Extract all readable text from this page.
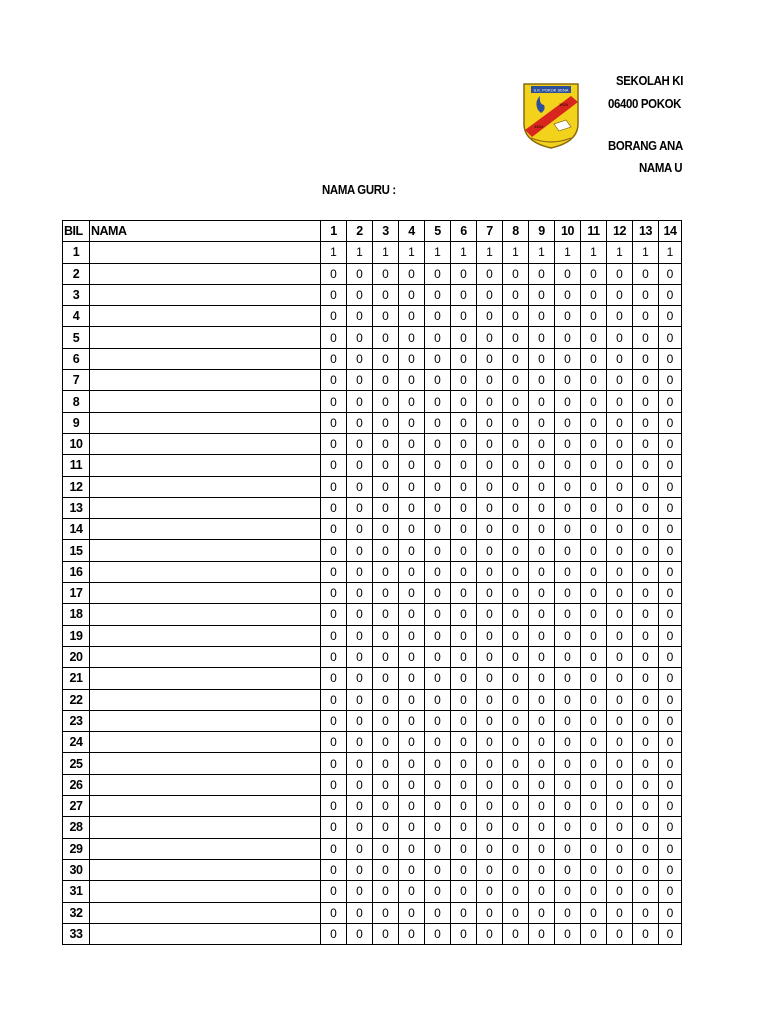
S.K. POKOK SENA
1924
1924
SEKOLAH KI
06400 POKOK
BORANG ANA
NAMA U
NAMA GURU :
BIL	NAMA	1	2	3	4	5	6	7	8	9	10	11	12	13	14
1		1	1	1	1	1	1	1	1	1	1	1	1	1	1
2		0	0	0	0	0	0	0	0	0	0	0	0	0	0
3		0	0	0	0	0	0	0	0	0	0	0	0	0	0
4		0	0	0	0	0	0	0	0	0	0	0	0	0	0
5		0	0	0	0	0	0	0	0	0	0	0	0	0	0
6		0	0	0	0	0	0	0	0	0	0	0	0	0	0
7		0	0	0	0	0	0	0	0	0	0	0	0	0	0
8		0	0	0	0	0	0	0	0	0	0	0	0	0	0
9		0	0	0	0	0	0	0	0	0	0	0	0	0	0
10		0	0	0	0	0	0	0	0	0	0	0	0	0	0
11		0	0	0	0	0	0	0	0	0	0	0	0	0	0
12		0	0	0	0	0	0	0	0	0	0	0	0	0	0
13		0	0	0	0	0	0	0	0	0	0	0	0	0	0
14		0	0	0	0	0	0	0	0	0	0	0	0	0	0
15		0	0	0	0	0	0	0	0	0	0	0	0	0	0
16		0	0	0	0	0	0	0	0	0	0	0	0	0	0
17		0	0	0	0	0	0	0	0	0	0	0	0	0	0
18		0	0	0	0	0	0	0	0	0	0	0	0	0	0
19		0	0	0	0	0	0	0	0	0	0	0	0	0	0
20		0	0	0	0	0	0	0	0	0	0	0	0	0	0
21		0	0	0	0	0	0	0	0	0	0	0	0	0	0
22		0	0	0	0	0	0	0	0	0	0	0	0	0	0
23		0	0	0	0	0	0	0	0	0	0	0	0	0	0
24		0	0	0	0	0	0	0	0	0	0	0	0	0	0
25		0	0	0	0	0	0	0	0	0	0	0	0	0	0
26		0	0	0	0	0	0	0	0	0	0	0	0	0	0
27		0	0	0	0	0	0	0	0	0	0	0	0	0	0
28		0	0	0	0	0	0	0	0	0	0	0	0	0	0
29		0	0	0	0	0	0	0	0	0	0	0	0	0	0
30		0	0	0	0	0	0	0	0	0	0	0	0	0	0
31		0	0	0	0	0	0	0	0	0	0	0	0	0	0
32		0	0	0	0	0	0	0	0	0	0	0	0	0	0
33		0	0	0	0	0	0	0	0	0	0	0	0	0	0
